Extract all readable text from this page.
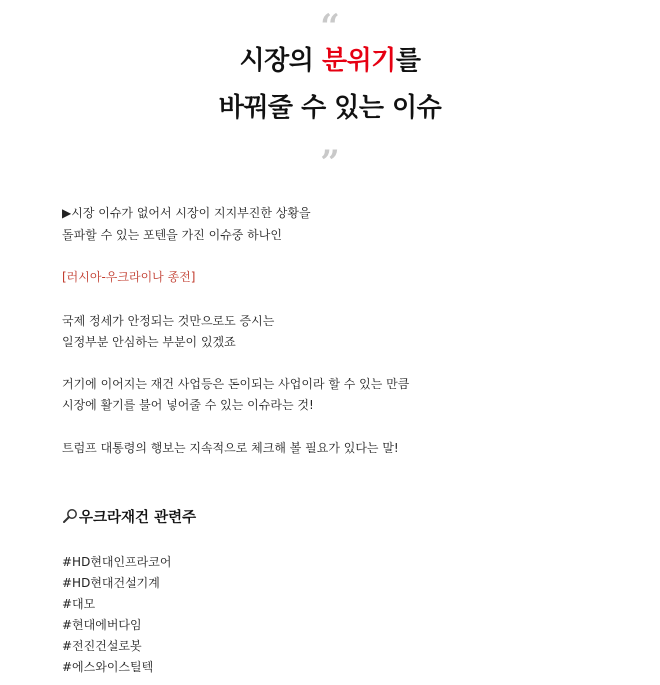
“
시장의 분위기를
바꿔줄 수 있는 이슈
”
▶시장 이슈가 없어서 시장이 지지부진한 상황을
돌파할 수 있는 포텐을 가진 이슈중 하나인
[러시아-우크라이나 종전]
국제 정세가 안정되는 것만으로도 증시는
일정부분 안심하는 부분이 있겠죠
거기에 이어지는 재건 사업등은 돈이되는 사업이라 할 수 있는 만큼
시장에 활기를 불어 넣어줄 수 있는 이슈라는 것!
트럼프 대통령의 행보는 지속적으로 체크해 볼 필요가 있다는 말!
우크라재건 관련주
#HD현대인프라코어
#HD현대건설기계
#대모
#현대에버다임
#전진건설로봇
#에스와이스틸텍
